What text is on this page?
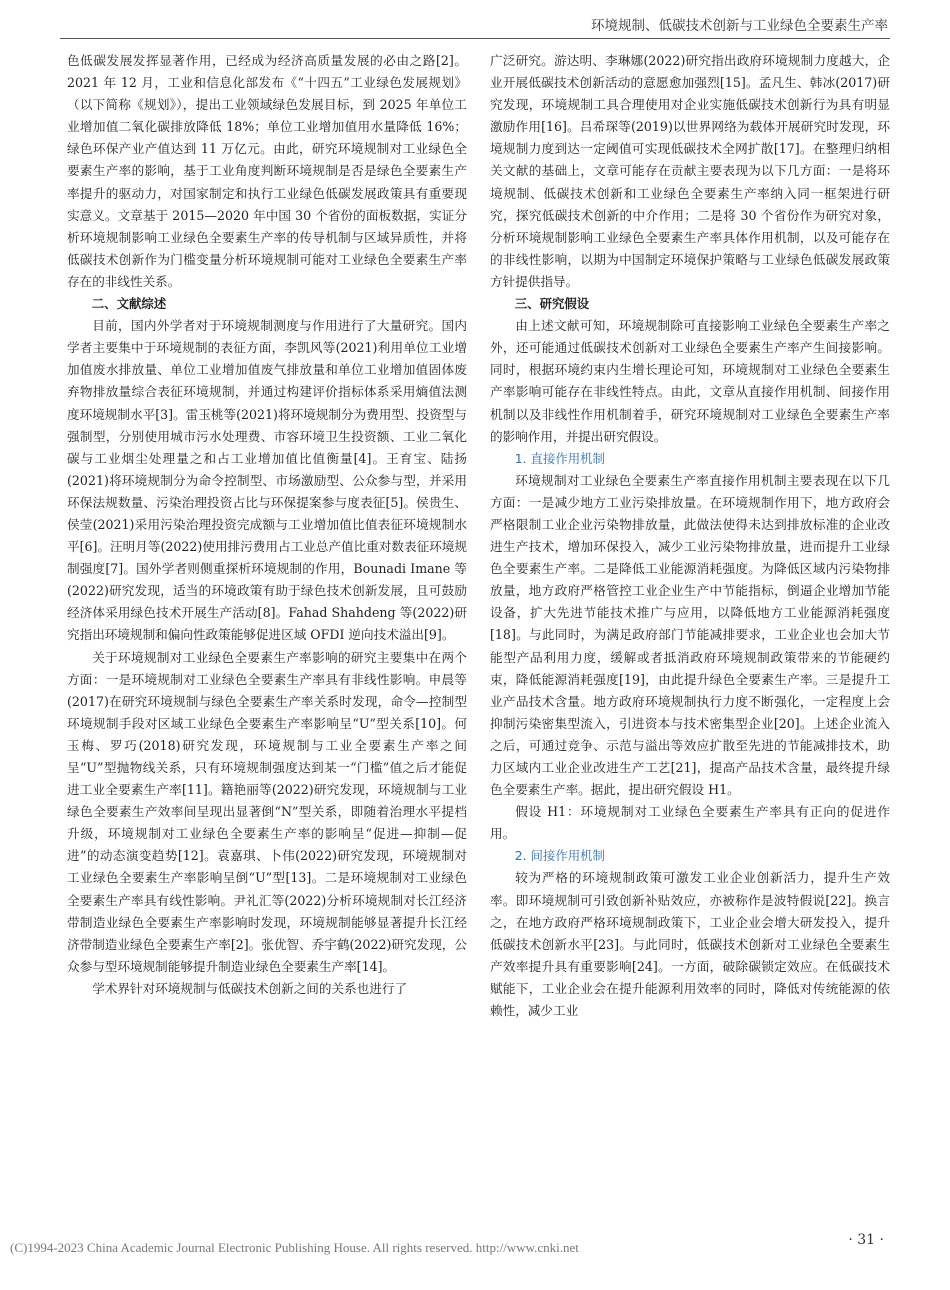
环境规制、低碳技术创新与工业绿色全要素生产率

色低碳发展发挥显著作用，已经成为经济高质量发展的必由之路[2]。2021 年 12 月，工业和信息化部发布《“十四五”工业绿色发展规划》（以下简称《规划》），提出工业领域绿色发展目标，到 2025 年单位工业增加值二氧化碳排放降低 18%；单位工业增加值用水量降低 16%；绿色环保产业产值达到 11 万亿元。由此，研究环境规制对工业绿色全要素生产率的影响，基于工业角度判断环境规制是否是绿色全要素生产率提升的驱动力，对国家制定和执行工业绿色低碳发展政策具有重要现实意义。文章基于 2015—2020 年中国 30 个省份的面板数据，实证分析环境规制影响工业绿色全要素生产率的传导机制与区域异质性，并将低碳技术创新作为门槛变量分析环境规制可能对工业绿色全要素生产率存在的非线性关系。

二、文献综述

目前，国内外学者对于环境规制测度与作用进行了大量研究。国内学者主要集中于环境规制的表征方面，李凯风等(2021)利用单位工业增加值废水排放量、单位工业增加值废气排放量和单位工业增加值固体废弃物排放量综合表征环境规制，并通过构建评价指标体系采用熵值法测度环境规制水平[3]。雷玉桃等(2021)将环境规制分为费用型、投资型与强制型，分别使用城市污水处理费、市容环境卫生投资额、工业二氧化碳与工业烟尘处理量之和占工业增加值比值衡量[4]。王育宝、陆扬(2021)将环境规制分为命令控制型、市场激励型、公众参与型，并采用环保法规数量、污染治理投资占比与环保提案参与度表征[5]。侯贵生、侯莹(2021)采用污染治理投资完成额与工业增加值比值表征环境规制水平[6]。汪明月等(2022)使用排污费用占工业总产值比重对数表征环境规制强度[7]。国外学者则侧重探析环境规制的作用，Bounadi Imane 等(2022)研究发现，适当的环境政策有助于绿色技术创新发展，且可鼓励经济体采用绿色技术开展生产活动[8]。Fahad Shahdeng 等(2022)研究指出环境规制和偏向性政策能够促进区域 OFDI 逆向技术溢出[9]。

关于环境规制对工业绿色全要素生产率影响的研究主要集中在两个方面：一是环境规制对工业绿色全要素生产率具有非线性影响。申晨等(2017)在研究环境规制与绿色全要素生产率关系时发现，命令—控制型环境规制手段对区域工业绿色全要素生产率影响呈“U”型关系[10]。何玉梅、罗巧(2018)研究发现，环境规制与工业全要素生产率之间呈“U”型抛物线关系，只有环境规制强度达到某一“门槛”值之后才能促进工业全要素生产率[11]。籍艳丽等(2022)研究发现，环境规制与工业绿色全要素生产效率间呈现出显著倒“N”型关系，即随着治理水平提档升级，环境规制对工业绿色全要素生产率的影响呈“促进—抑制—促进”的动态演变趋势[12]。袁嘉琪、卜伟(2022)研究发现，环境规制对工业绿色全要素生产率影响呈倒“U”型[13]。二是环境规制对工业绿色全要素生产率具有线性影响。尹礼汇等(2022)分析环境规制对长江经济带制造业绿色全要素生产率影响时发现，环境规制能够显著提升长江经济带制造业绿色全要素生产率[2]。张优智、乔宇鹤(2022)研究发现，公众参与型环境规制能够提升制造业绿色全要素生产率[14]。

学术界针对环境规制与低碳技术创新之间的关系也进行了

广泛研究。游达明、李琳娜(2022)研究指出政府环境规制力度越大，企业开展低碳技术创新活动的意愿愈加强烈[15]。孟凡生、韩冰(2017)研究发现，环境规制工具合理使用对企业实施低碳技术创新行为具有明显激励作用[16]。吕希琛等(2019)以世界网络为载体开展研究时发现，环境规制力度到达一定阈值可实现低碳技术全网扩散[17]。在整理归纳相关文献的基础上，文章可能存在贡献主要表现为以下几方面：一是将环境规制、低碳技术创新和工业绿色全要素生产率纳入同一框架进行研究，探究低碳技术创新的中介作用；二是将 30 个省份作为研究对象，分析环境规制影响工业绿色全要素生产率具体作用机制，以及可能存在的非线性影响，以期为中国制定环境保护策略与工业绿色低碳发展政策方针提供指导。

三、研究假设

由上述文献可知，环境规制除可直接影响工业绿色全要素生产率之外，还可能通过低碳技术创新对工业绿色全要素生产率产生间接影响。同时，根据环境约束内生增长理论可知，环境规制对工业绿色全要素生产率影响可能存在非线性特点。由此，文章从直接作用机制、间接作用机制以及非线性作用机制着手，研究环境规制对工业绿色全要素生产率的影响作用，并提出研究假设。

1. 直接作用机制

环境规制对工业绿色全要素生产率直接作用机制主要表现在以下几方面：一是减少地方工业污染排放量。在环境规制作用下，地方政府会严格限制工业企业污染物排放量，此做法使得未达到排放标准的企业改进生产技术，增加环保投入，减少工业污染物排放量，进而提升工业绿色全要素生产率。二是降低工业能源消耗强度。为降低区域内污染物排放量，地方政府严格管控工业企业生产中节能指标，倒逼企业增加节能设备，扩大先进节能技术推广与应用，以降低地方工业能源消耗强度[18]。与此同时，为满足政府部门节能减排要求，工业企业也会加大节能型产品利用力度，缓解或者抵消政府环境规制政策带来的节能硬约束，降低能源消耗强度[19]，由此提升绿色全要素生产率。三是提升工业产品技术含量。地方政府环境规制执行力度不断强化，一定程度上会抑制污染密集型流入，引进资本与技术密集型企业[20]。上述企业流入之后，可通过竞争、示范与溢出等效应扩散至先进的节能减排技术，助力区域内工业企业改进生产工艺[21]，提高产品技术含量，最终提升绿色全要素生产率。据此，提出研究假设 H1。

假设 H1：环境规制对工业绿色全要素生产率具有正向的促进作用。

2. 间接作用机制

较为严格的环境规制政策可激发工业企业创新活力，提升生产效率。即环境规制可引致创新补贴效应，亦被称作是波特假说[22]。换言之，在地方政府严格环境规制政策下，工业企业会增大研发投入，提升低碳技术创新水平[23]。与此同时，低碳技术创新对工业绿色全要素生产效率提升具有重要影响[24]。一方面，破除碳锁定效应。在低碳技术赋能下，工业企业会在提升能源利用效率的同时，降低对传统能源的依赖性，减少工业

(C)1994-2023 China Academic Journal Electronic Publishing House. All rights reserved. http://www.cnki.net	· 31 ·
